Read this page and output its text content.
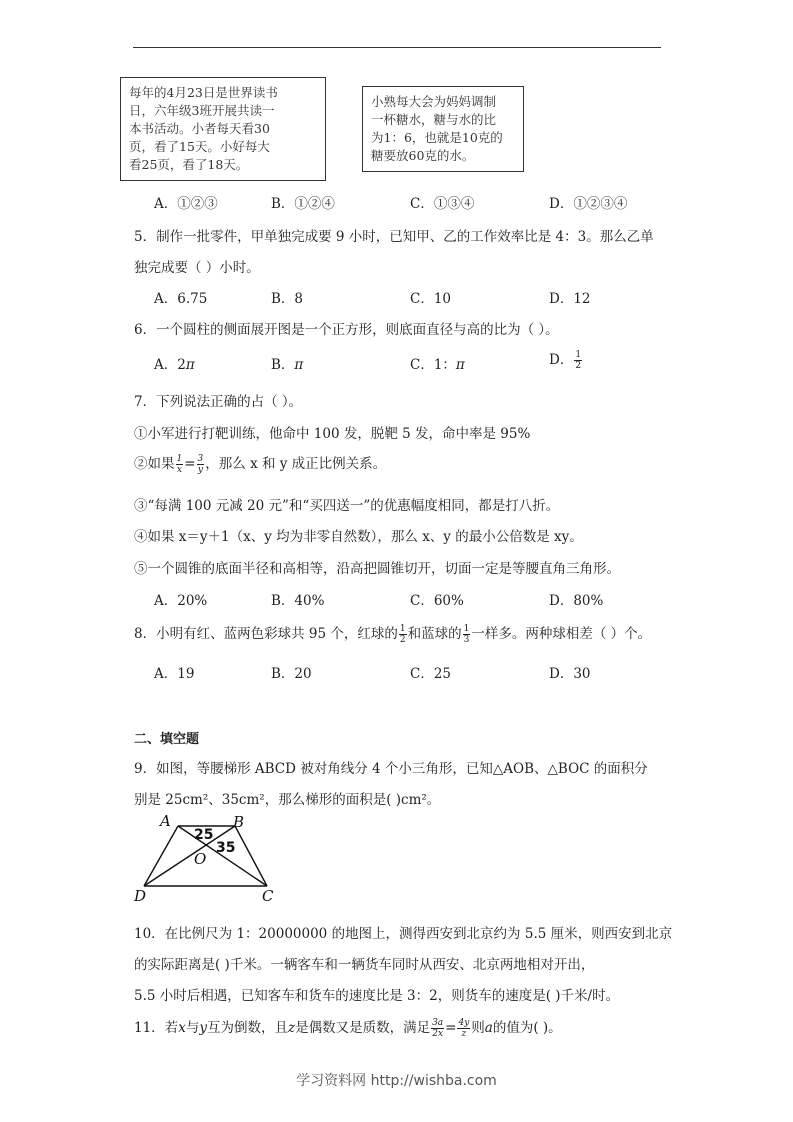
每年的4月23日是世界读书
日，六年级3班开展共读一
本书活动。小者每天看30
页，看了15天。小好每大
看25页，看了18天。
小熟每大会为妈妈调制
一杯糖水，糖与水的比
为1：6，也就是10克的
糖要放60克的水。
A．①②③	B．①②④	C．①③④	D．①②③④
5．制作一批零件，甲单独完成要 9 小时，已知甲、乙的工作效率比是 4：3。那么乙单
独完成要（ ）小时。
A．6.75	B．8	C．10	D．12
6．一个圆柱的侧面展开图是一个正方形，则底面直径与高的比为（ ）。
A．2π	B．π	C．1：π	D． $\frac{1}{2}$
7．下列说法正确的占（ ）。
①小军进行打靶训练，他命中 100 发，脱靶 5 发，命中率是 95%
②如果 $\frac{1}{x} = \frac{3}{y}$ ，那么 x 和 y 成正比例关系。
③“每满 100 元减 20 元”和“买四送一”的优惠幅度相同，都是打八折。
④如果 x＝y＋1（x、y 均为非零自然数），那么 x、y 的最小公倍数是 xy。
⑤一个圆锥的底面半径和高相等，沿高把圆锥切开，切面一定是等腰直角三角形。
A．20%	B．40%	C．60%	D．80%
8．小明有红、蓝两色彩球共 95 个，红球的 $\frac{1}{2}$ 和蓝球的 $\frac{1}{3}$ 一样多。两种球相差（ ）个。
A．19	B．20	C．25	D．30
二、填空题
9．如图，等腰梯形 ABCD 被对角线分 4 个小三角形，已知△AOB、△BOC 的面积分
别是 25cm²、35cm²，那么梯形的面积是( )cm²。
A	B
C
D
O
25
35
10．在比例尺为 1：20000000 的地图上，测得西安到北京约为 5.5 厘米，则西安到北京
的实际距离是( )千米。一辆客车和一辆货车同时从西安、北京两地相对开出，
5.5 小时后相遇，已知客车和货车的速度比是 3：2，则货车的速度是( )千米/时。
11．若x与y互为倒数，且z是偶数又是质数，满足 $\frac{3a}{2x} = \frac{4y}{z}$ 则a的值为( )。
学习资料网 http://wishba.com
